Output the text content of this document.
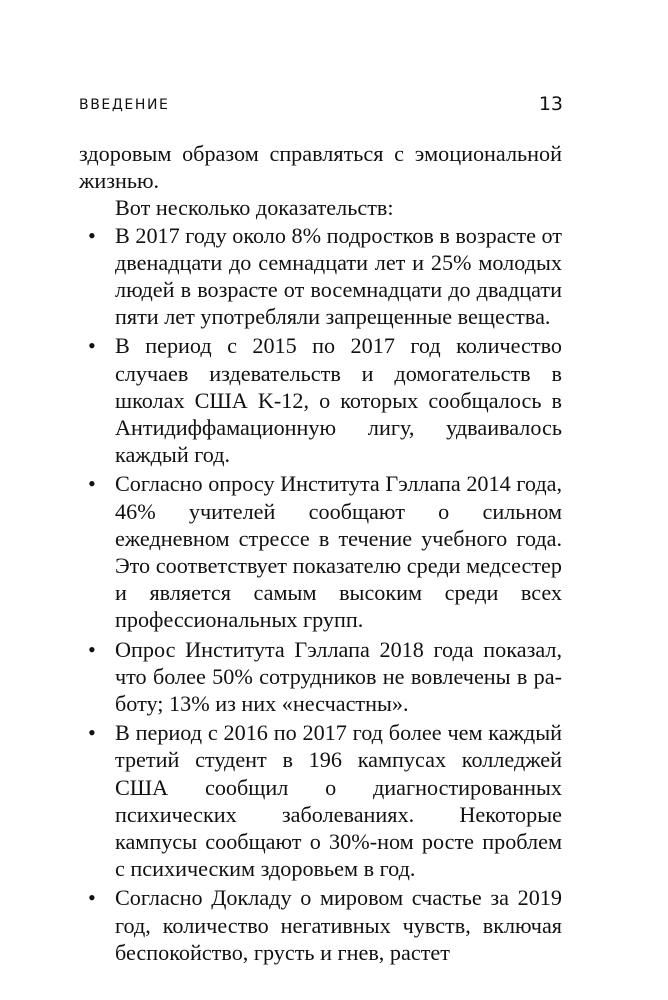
ВВЕДЕНИЕ	13

здоровым образом справляться с эмоциональной жизнью.

Вот несколько доказательств:

• В 2017 году около 8% подростков в возрасте от двенадцати до семнадцати лет и 25% молодых людей в возрасте от восемнадцати до двадцати пяти лет употребляли запрещенные вещества.
• В период с 2015 по 2017 год количество случаев издевательств и домогательств в школах США K-12, о которых сообщалось в Антидиффамационную лигу, удваивалось каждый год.
• Согласно опросу Института Гэллапа 2014 года, 46% учителей сообщают о сильном ежедневном стрессе в течение учебного года. Это соответствует показателю среди медсестер и является самым высоким среди всех профессиональных групп.
• Опрос Института Гэллапа 2018 года показал, что более 50% сотрудников не вовлечены в работу; 13% из них «несчастны».
• В период с 2016 по 2017 год более чем каждый третий студент в 196 кампусах колледжей США сообщил о диагностированных психических заболеваниях. Некоторые кампусы сообщают о 30%-ном росте проблем с психическим здоровьем в год.
• Согласно Докладу о мировом счастье за 2019 год, количество негативных чувств, включая беспокойство, грусть и гнев, растет
